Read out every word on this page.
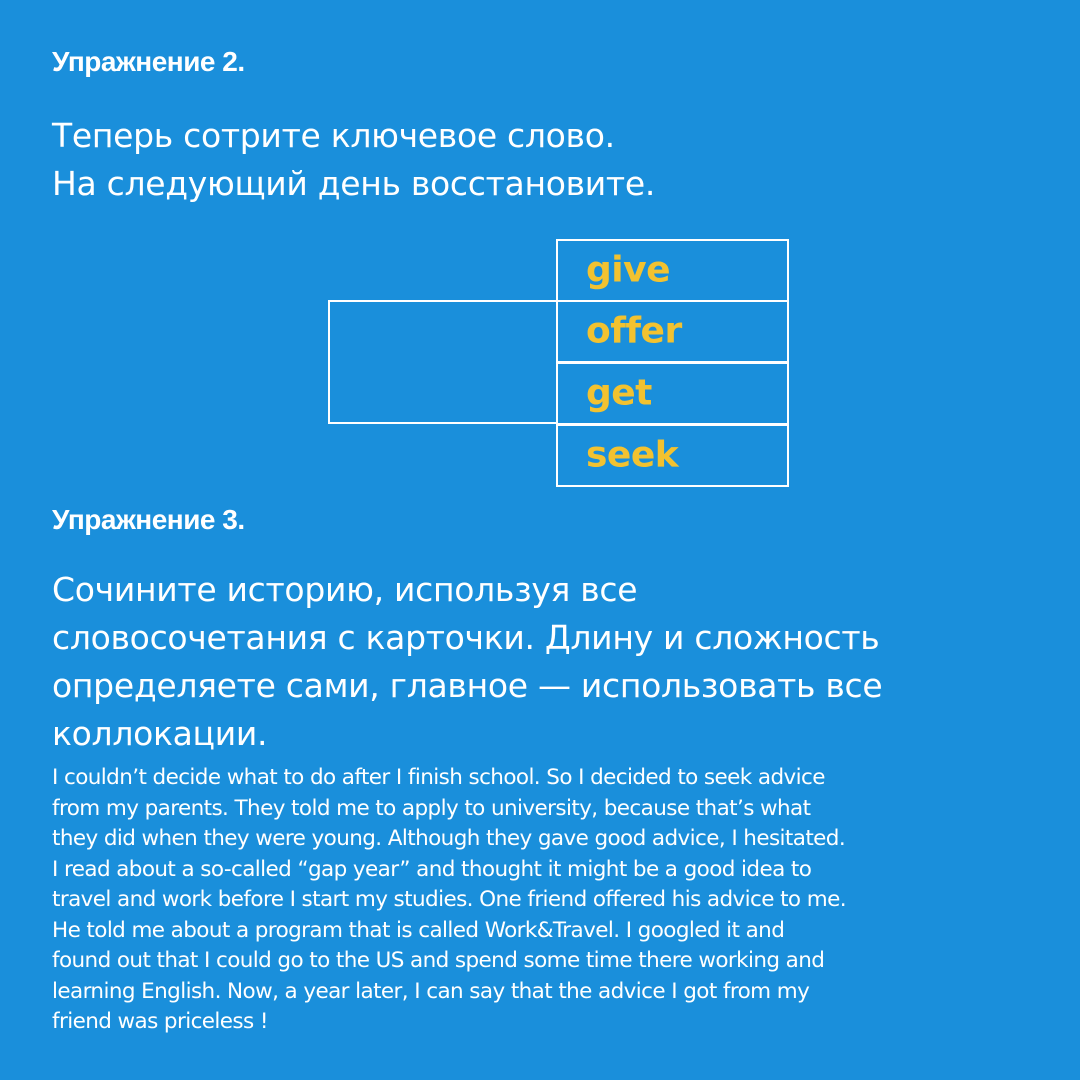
Упражнение 2.
Теперь сотрите ключевое слово.
На следующий день восстановите.
give
offer
get
seek
Упражнение 3.
Сочините историю, используя все
словосочетания с карточки. Длину и сложность
определяете сами, главное — использовать все
коллокации.
I couldn’t decide what to do after I finish school. So I decided to seek advice
from my parents. They told me to apply to university, because that’s what
they did when they were young. Although they gave good advice, I hesitated.
I read about a so-called “gap year” and thought it might be a good idea to
travel and work before I start my studies. One friend offered his advice to me.
He told me about a program that is called Work&Travel. I googled it and
found out that I could go to the US and spend some time there working and
learning English. Now, a year later, I can say that the advice I got from my
friend was priceless !
